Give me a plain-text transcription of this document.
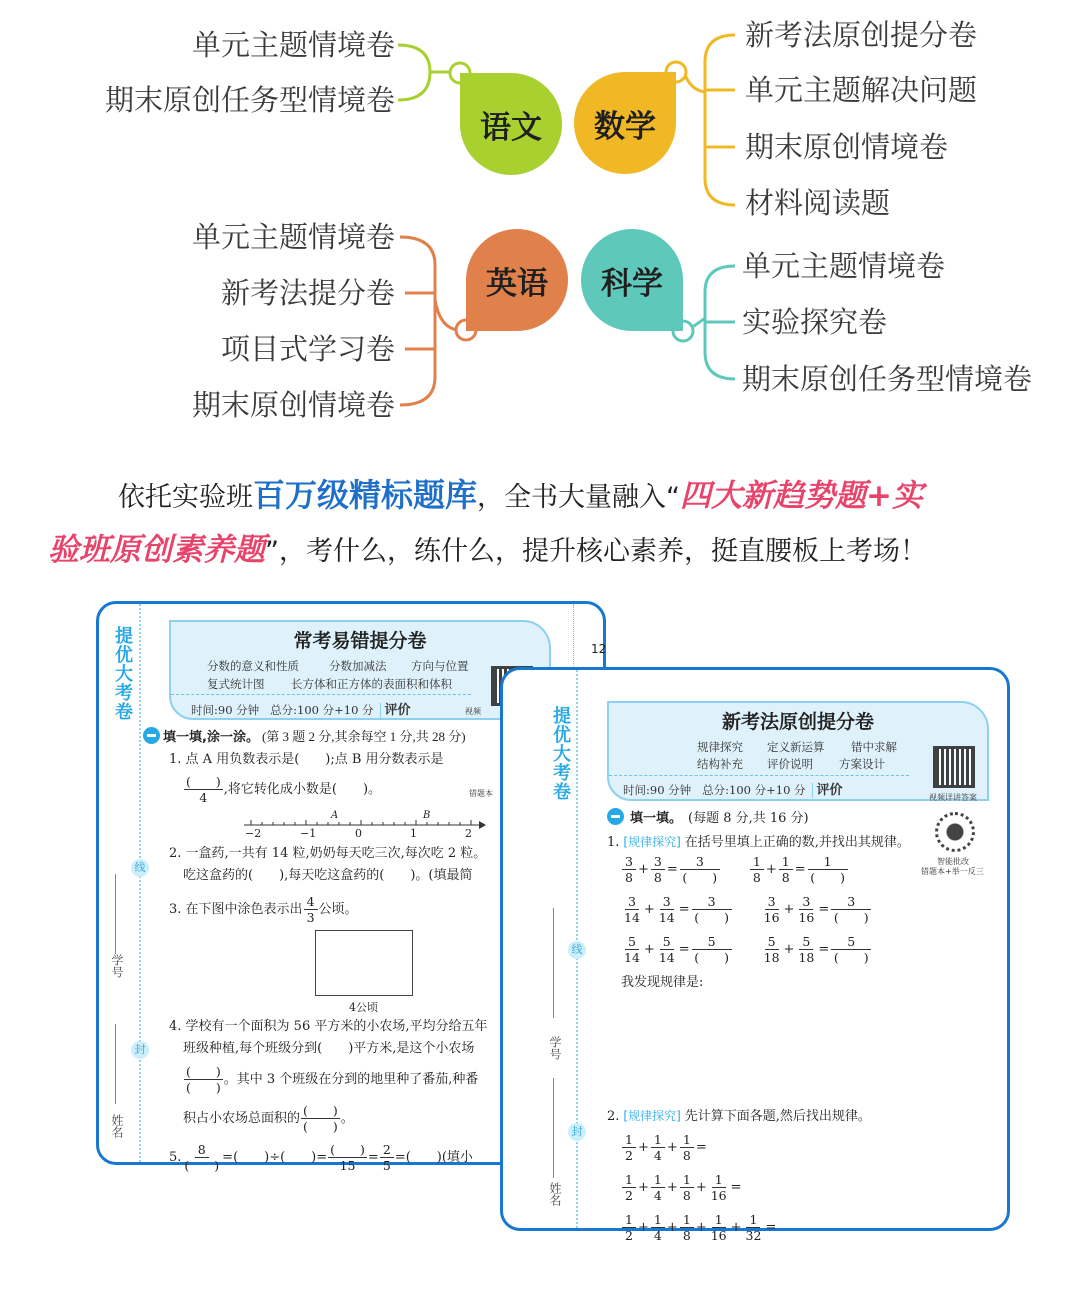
语文 数学
英语 科学
单元主题情境卷
期末原创任务型情境卷
新考法原创提分卷
单元主题解决问题
期末原创情境卷
材料阅读题
单元主题情境卷
新考法提分卷
项目式学习卷
期末原创情境卷
单元主题情境卷
实验探究卷
期末原创任务型情境卷
依托实验班百万级精标题库，全书大量融入“四大新趋势题+实
验班原创素养题”，考什么，练什么，提升核心素养，挺直腰板上考场！
提优大考卷
学号
姓名
线
封
12
常考易错提分卷
分数的意义和性质	分数加减法 方向与位置
复式统计图 长方体和正方体的表面积和体积
时间:90 分钟 总分:100 分+10 分 评价	视频
错题本
填一填,涂一涂。 (第 3 题 2 分,其余每空 1 分,共 28 分)
1. 点 A 用负数表示是(　　);点 B 用分数表示是
$\frac{( )}{4}$ ,将它转化成小数是(　　)。
−2	−1	0	1	2
A	B
2. 一盒药,一共有 14 粒,奶奶每天吃三次,每次吃 2 粒。
吃这盒药的(　　),每天吃这盒药的(　　)。(填最简
3. 在下图中涂色表示出 $\frac{4}{3}$ 公顷。
4公顷
4. 学校有一个面积为 56 平方米的小农场,平均分给五年
班级种植,每个班级分到(　　)平方米,是这个小农场
$\frac{( )}{( )}$ 。其中 3 个班级在分到的地里种了番茄,种番
积占小农场总面积的 $\frac{( )}{( )}$ 。
5. $\frac{8}{( )}$ =(　　)÷(　　)= $\frac{( )}{15} = \frac{2}{5}$ =(　　)(填小
提优大考卷
学号
姓名
线
封
新考法原创提分卷
规律探究 定义新运算 错中求解
结构补充 评价说明 方案设计
时间:90 分钟 总分:100 分+10 分 评价	视频详讲答案
智能批改
错题本+举一反三
填一填。 (每题 8 分,共 16 分)
1. [规律探究] 在括号里填上正确的数,并找出其规律。
$\frac{3}{8} + \frac{3}{8} = \frac{3}{( )} \frac{1}{8} + \frac{1}{8} = \frac{1}{( )}$
$\frac{3}{14} + \frac{3}{14} = \frac{3}{( )} \frac{3}{16} + \frac{3}{16} = \frac{3}{( )}$
$\frac{5}{14} + \frac{5}{14} = \frac{5}{( )} \frac{5}{18} + \frac{5}{18} = \frac{5}{( )}$
我发现规律是:
2. [规律探究] 先计算下面各题,然后找出规律。
$\frac{1}{2} + \frac{1}{4} + \frac{1}{8}$ =
$\frac{1}{2} + \frac{1}{4} + \frac{1}{8} + \frac{1}{16}$ =
$\frac{1}{2} + \frac{1}{4} + \frac{1}{8} + \frac{1}{16} + \frac{1}{32}$ =
